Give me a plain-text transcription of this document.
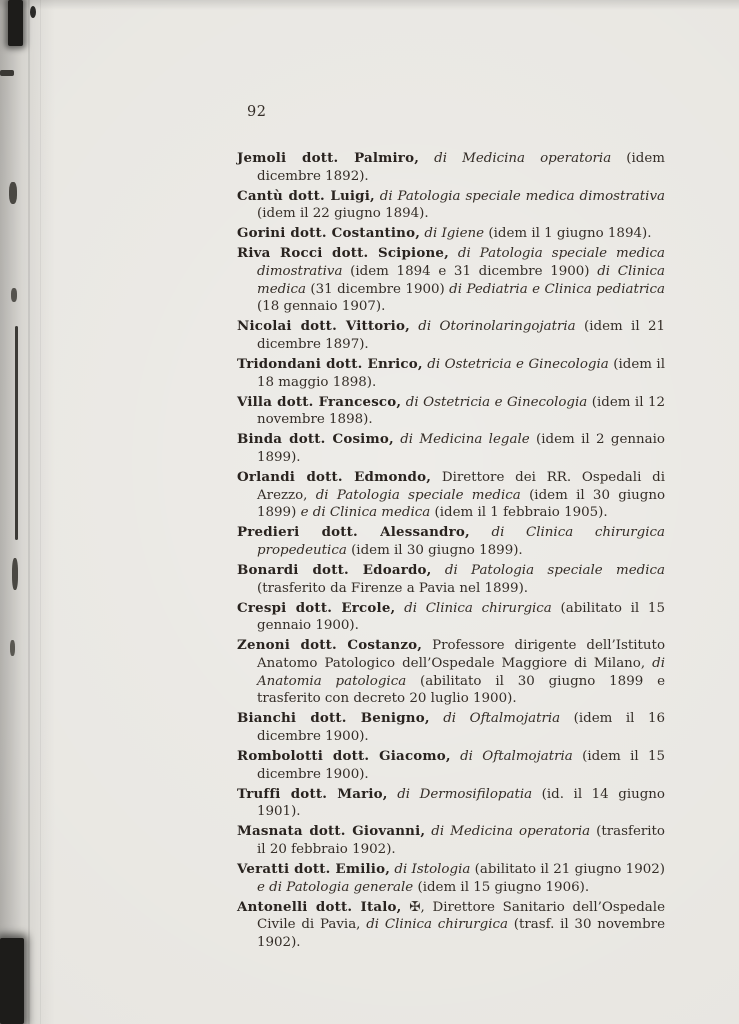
92

Jemoli dott. Palmiro, di Medicina operatoria (idem dicembre 1892).

Cantù dott. Luigi, di Patologia speciale medica dimostrativa (idem il 22 giugno 1894).

Gorini dott. Costantino, di Igiene (idem il 1 giugno 1894).

Riva Rocci dott. Scipione, di Patologia speciale medica dimostrativa (idem 1894 e 31 dicembre 1900) di Clinica medica (31 dicembre 1900) di Pediatria e Clinica pediatrica (18 gennaio 1907).

Nicolai dott. Vittorio, di Otorinolaringojatria (idem il 21 dicembre 1897).

Tridondani dott. Enrico, di Ostetricia e Ginecologia (idem il 18 maggio 1898).

Villa dott. Francesco, di Ostetricia e Ginecologia (idem il 12 novembre 1898).

Binda dott. Cosimo, di Medicina legale (idem il 2 gennaio 1899).

Orlandi dott. Edmondo, Direttore dei RR. Ospedali di Arezzo, di Patologia speciale medica (idem il 30 giugno 1899) e di Clinica medica (idem il 1 febbraio 1905).

Predieri dott. Alessandro, di Clinica chirurgica propedeutica (idem il 30 giugno 1899).

Bonardi dott. Edoardo, di Patologia speciale medica (trasferito da Firenze a Pavia nel 1899).

Crespi dott. Ercole, di Clinica chirurgica (abilitato il 15 gennaio 1900).

Zenoni dott. Costanzo, Professore dirigente dell’Istituto Anatomo Patologico dell’Ospedale Maggiore di Milano, di Anatomia patologica (abilitato il 30 giugno 1899 e trasferito con decreto 20 luglio 1900).

Bianchi dott. Benigno, di Oftalmojatria (idem il 16 dicembre 1900).

Rombolotti dott. Giacomo, di Oftalmojatria (idem il 15 dicembre 1900).

Truffi dott. Mario, di Dermosifilopatia (id. il 14 giugno 1901).

Masnata dott. Giovanni, di Medicina operatoria (trasferito il 20 febbraio 1902).

Veratti dott. Emilio, di Istologia (abilitato il 21 giugno 1902) e di Patologia generale (idem il 15 giugno 1906).

Antonelli dott. Italo, ✠, Direttore Sanitario dell’Ospedale Civile di Pavia, di Clinica chirurgica (trasf. il 30 novembre 1902).
